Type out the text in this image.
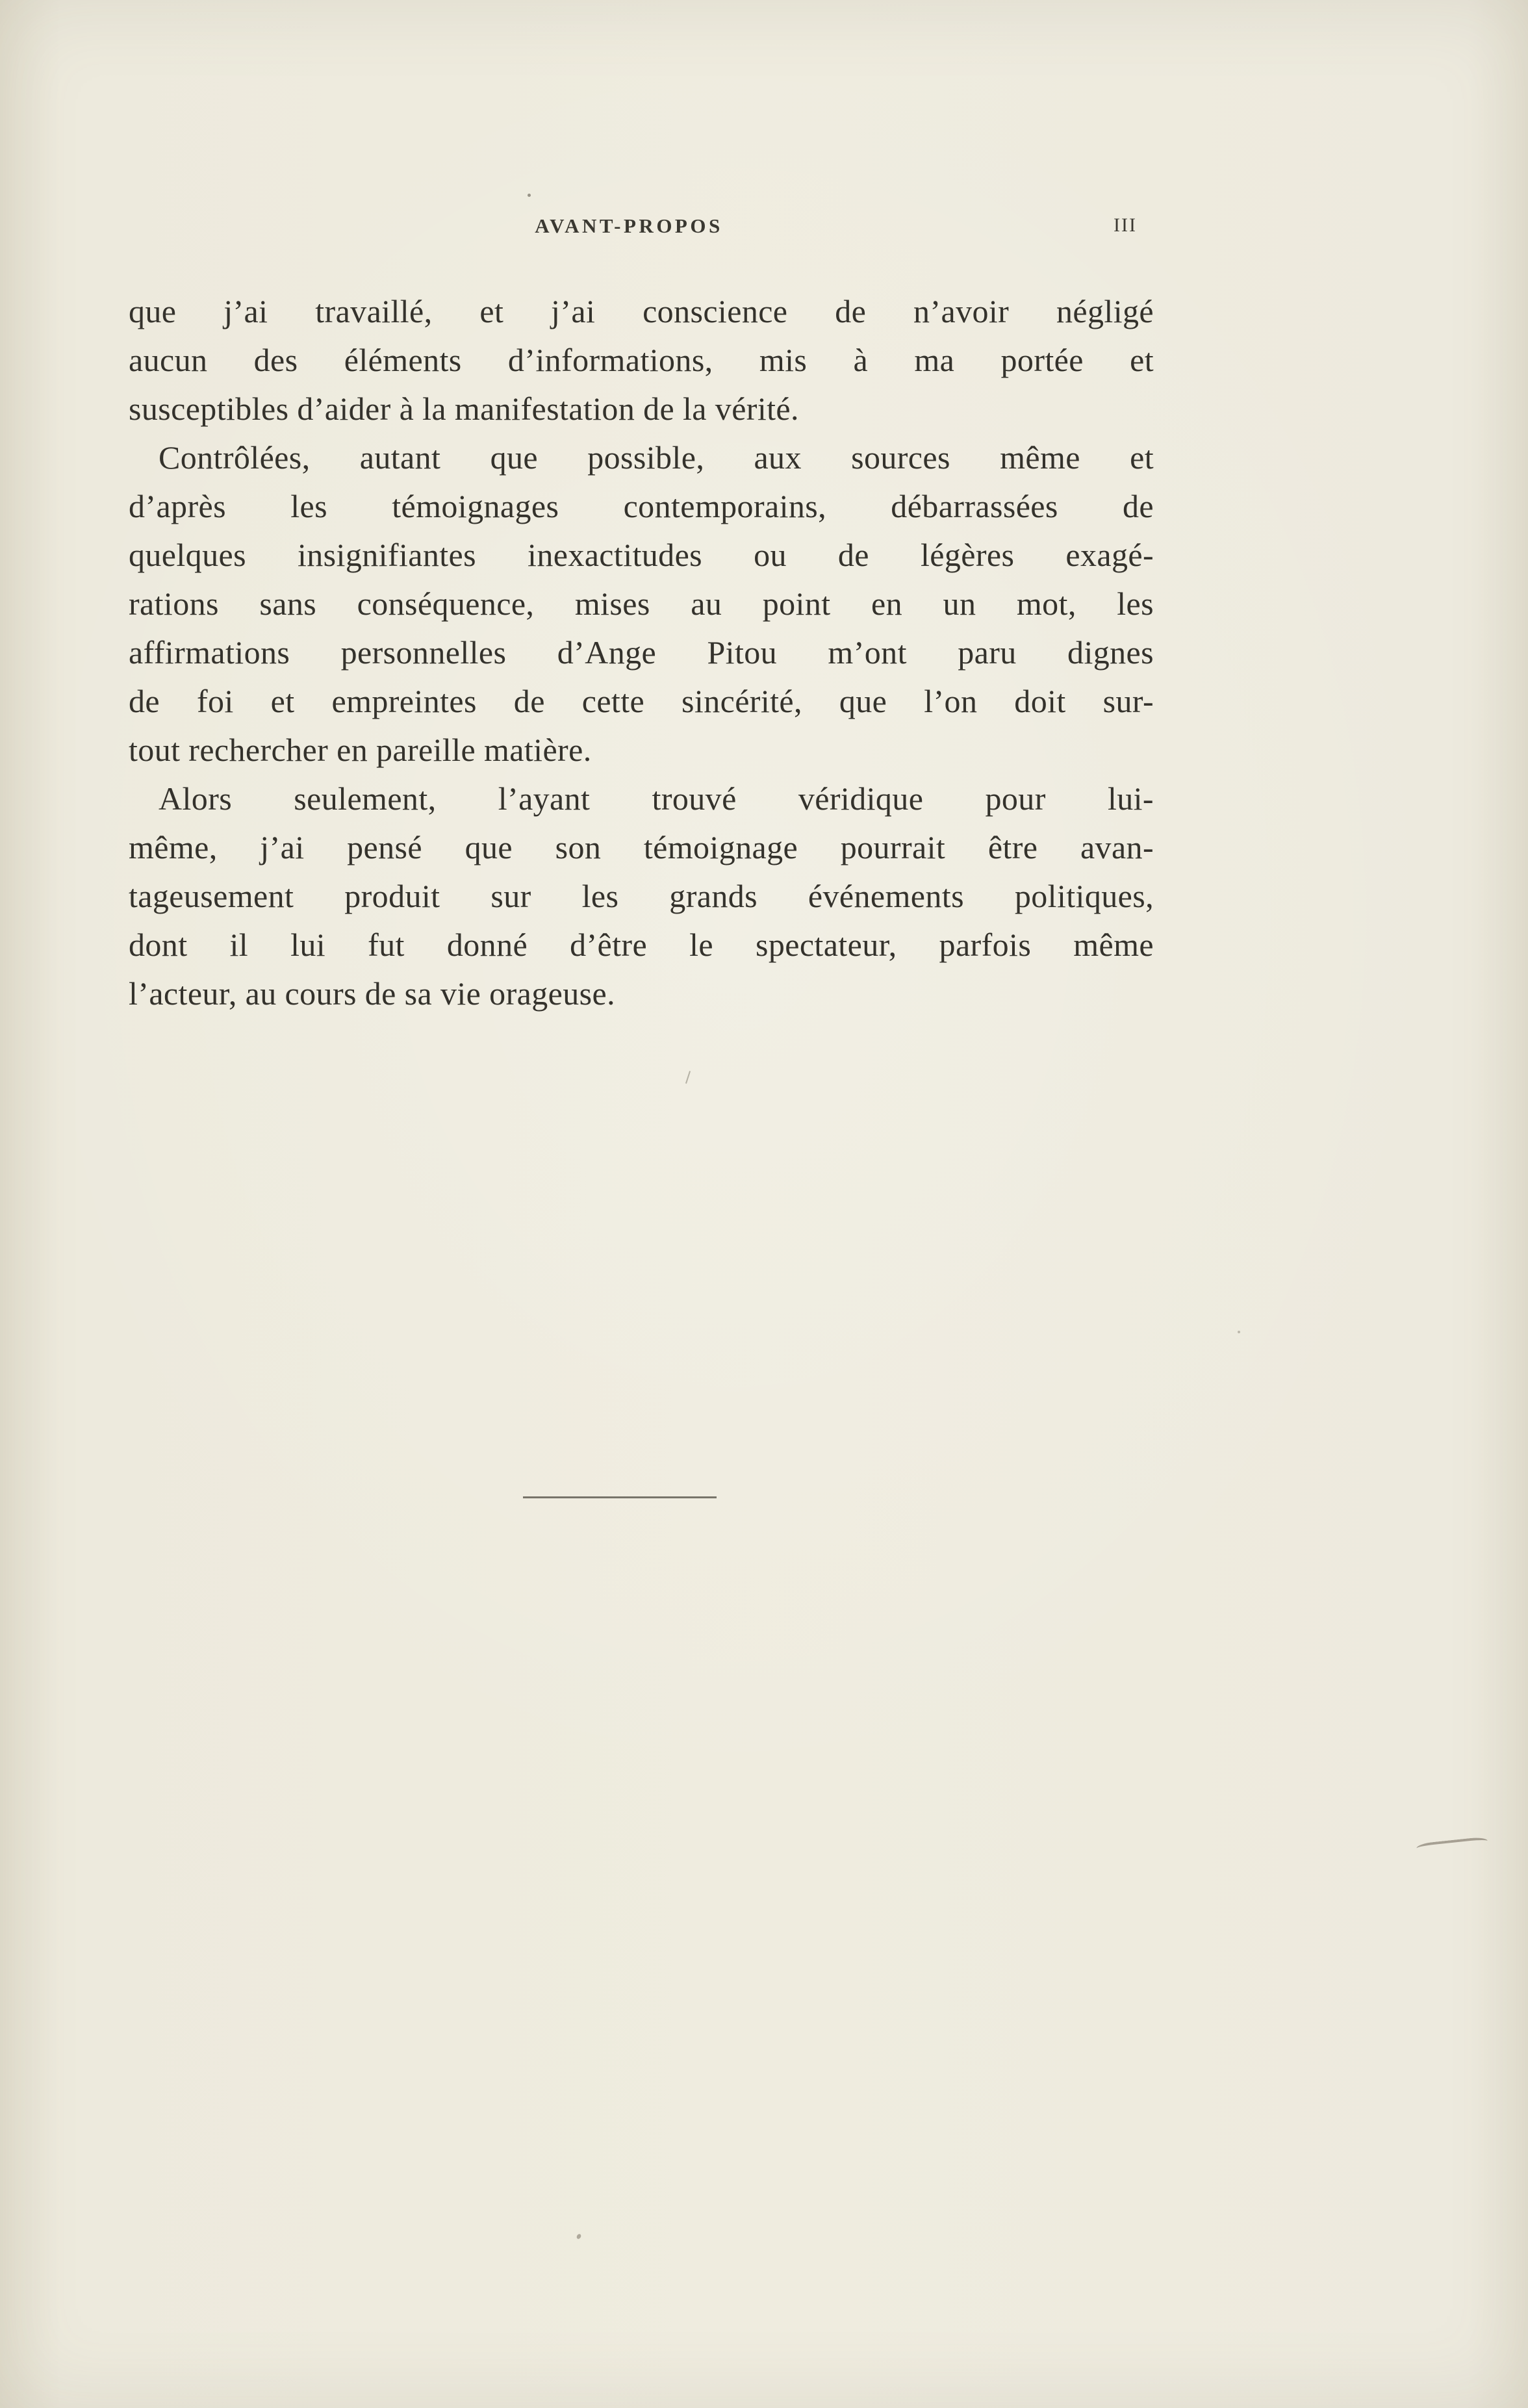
AVANT-PROPOS	III

que j’ai travaillé, et j’ai conscience de n’avoir négligé
aucun des éléments d’informations, mis à ma portée et
susceptibles d’aider à la manifestation de la vérité.

Contrôlées, autant que possible, aux sources même et
d’après les témoignages contemporains, débarrassées de
quelques insignifiantes inexactitudes ou de légères exagé-
rations sans conséquence, mises au point en un mot, les
affirmations personnelles d’Ange Pitou m’ont paru dignes
de foi et empreintes de cette sincérité, que l’on doit sur-
tout rechercher en pareille matière.

Alors seulement, l’ayant trouvé véridique pour lui-
même, j’ai pensé que son témoignage pourrait être avan-
tageusement produit sur les grands événements politiques,
dont il lui fut donné d’être le spectateur, parfois même
l’acteur, au cours de sa vie orageuse.
